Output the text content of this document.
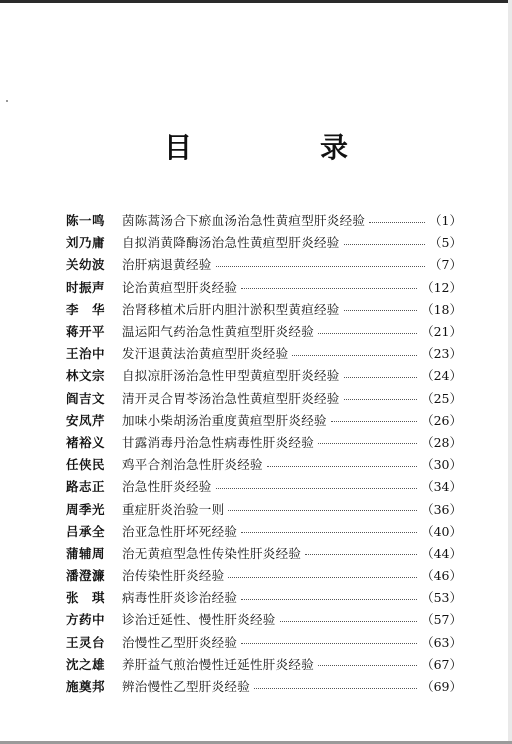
目　录
陈一鸣	茵陈蒿汤合下瘀血汤治急性黄疸型肝炎经验	（1）
刘乃庸	自拟消黄降酶汤治急性黄疸型肝炎经验	（5）
关幼波	治肝病退黄经验	（7）
时振声	论治黄疸型肝炎经验	（12）
李　华	治肾移植术后肝内胆汁淤积型黄疸经验	（18）
蒋开平	温运阳气药治急性黄疸型肝炎经验	（21）
王治中	发汗退黄法治黄疸型肝炎经验	（23）
林文宗	自拟凉肝汤治急性甲型黄疸型肝炎经验	（24）
阎吉文	清开灵合胃苓汤治急性黄疸型肝炎经验	（25）
安凤芹	加味小柴胡汤治重度黄疸型肝炎经验	（26）
褚裕义	甘露消毒丹治急性病毒性肝炎经验	（28）
任侠民	鸡平合剂治急性肝炎经验	（30）
路志正	治急性肝炎经验	（34）
周季光	重症肝炎治验一则	（36）
吕承全	治亚急性肝坏死经验	（40）
蒲辅周	治无黄疸型急性传染性肝炎经验	（44）
潘澄濂	治传染性肝炎经验	（46）
张　琪	病毒性肝炎诊治经验	（53）
方药中	诊治迁延性、慢性肝炎经验	（57）
王灵台	治慢性乙型肝炎经验	（63）
沈之雄	养肝益气煎治慢性迁延性肝炎经验	（67）
施奠邦	辨治慢性乙型肝炎经验	（69）
